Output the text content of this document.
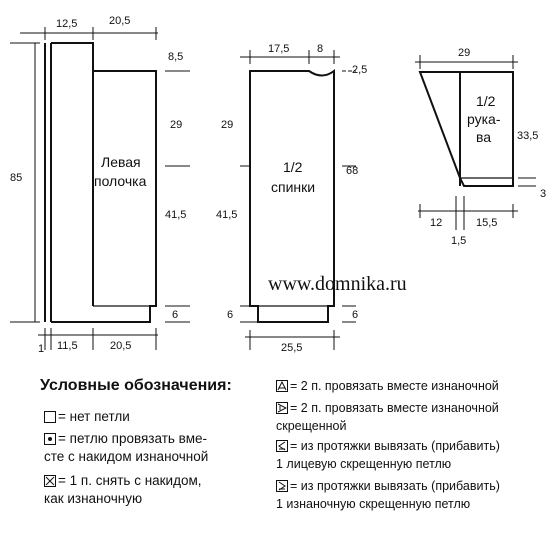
12,5	20,5
85
8,5
29
41,5
6
1 11,5	20,5
Левая
полочка
17,5	8
2,5
29
41,5
68
6	6
25,5
1/2
спинки
29
33,5
3
12	15,5
1,5
1/2
рука-
ва
www.domnika.ru
Условные обозначения:
= нет петли
= петлю провязать вме-
сте с накидом изнаночной
= 1 п. снять с накидом,
как изнаночную
= 2 п. провязать вместе изнаночной
= 2 п. провязать вместе изнаночной
скрещенной
= из протяжки вывязать (прибавить)
1 лицевую скрещенную петлю
= из протяжки вывязать (прибавить)
1 изнаночную скрещенную петлю
